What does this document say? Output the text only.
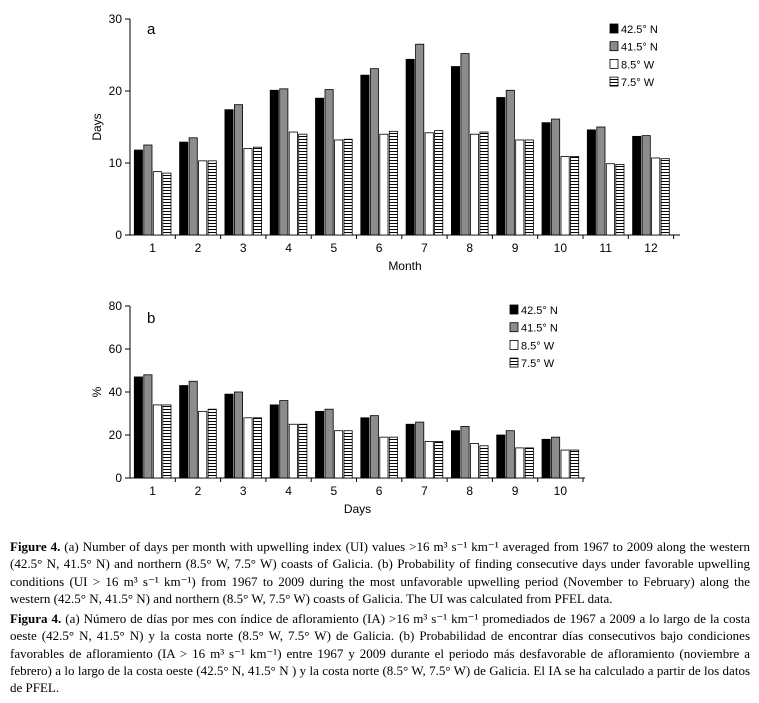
0
10
20
30
1	2	3	4	5	6	7	8	9	10	11	12
Days
Month
a	42.5° N
41.5° N
8.5° W
7.5° W
0
20
40
60
80
1	2	3	4	5	6	7	8	9	10
%
Days
b	42.5° N
41.5° N
8.5° W
7.5° W

Figure 4. (a) Number of days per month with upwelling index (UI) values >16 m³ s⁻¹ km⁻¹ averaged from 1967 to 2009 along the western (42.5° N, 41.5° N) and northern (8.5° W, 7.5° W) coasts of Galicia. (b) Probability of finding consecutive days under favorable upwelling conditions (UI > 16 m³ s⁻¹ km⁻¹) from 1967 to 2009 during the most unfavorable upwelling period (November to February) along the western (42.5° N, 41.5° N) and northern (8.5° W, 7.5° W) coasts of Galicia. The UI was calculated from PFEL data.

Figura 4. (a) Número de días por mes con índice de afloramiento (IA) >16 m³ s⁻¹ km⁻¹ promediados de 1967 a 2009 a lo largo de la costa oeste (42.5° N, 41.5° N) y la costa norte (8.5° W, 7.5° W) de Galicia. (b) Probabilidad de encontrar días consecutivos bajo condiciones favorables de afloramiento (IA > 16 m³ s⁻¹ km⁻¹) entre 1967 y 2009 durante el periodo más desfavorable de afloramiento (noviembre a febrero) a lo largo de la costa oeste (42.5° N, 41.5° N ) y la costa norte (8.5° W, 7.5° W) de Galicia. El IA se ha calculado a partir de los datos de PFEL.
